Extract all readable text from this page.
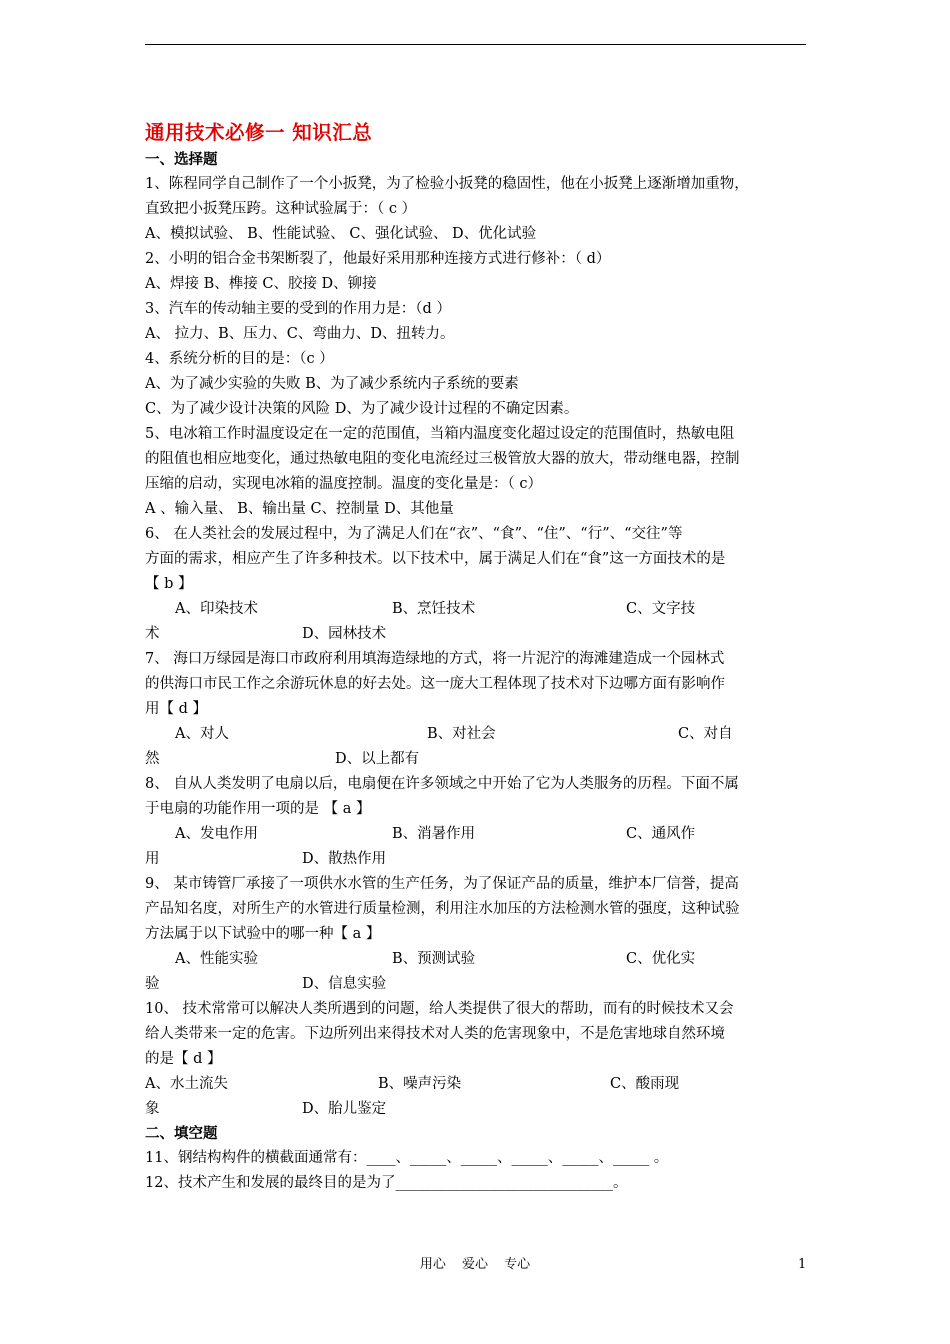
通用技术必修一 知识汇总
一、选择题
1、陈程同学自己制作了一个小扳凳，为了检验小扳凳的稳固性，他在小扳凳上逐渐增加重物，
直致把小扳凳压跨。这种试验属于：（ c ）
A、模拟试验、 B、性能试验、 C、强化试验、 D、优化试验
2、小明的铝合金书架断裂了，他最好采用那种连接方式进行修补：（ d）
A、焊接 B、榫接 C、胶接 D、铆接
3、汽车的传动轴主要的受到的作用力是：（d ）
A、 拉力、B、压力、C、弯曲力、D、扭转力。
4、系统分析的目的是：（c ）
A、为了减少实验的失败 B、为了减少系统内子系统的要素
C、为了减少设计决策的风险 D、为了减少设计过程的不确定因素。
5、电冰箱工作时温度设定在一定的范围值，当箱内温度变化超过设定的范围值时，热敏电阻
的阻值也相应地变化，通过热敏电阻的变化电流经过三极管放大器的放大，带动继电器，控制
压缩的启动，实现电冰箱的温度控制。温度的变化量是：（ c）
A 、输入量、 B、输出量 C、控制量 D、其他量
6、 在人类社会的发展过程中，为了满足人们在“衣”、“食”、“住”、“行”、“交往”等
方面的需求，相应产生了许多种技术。以下技术中，属于满足人们在“食”这一方面技术的是
【 b 】
A、印染技术	B、烹饪技术	C、文字技
术	D、园林技术
7、 海口万绿园是海口市政府利用填海造绿地的方式，将一片泥泞的海滩建造成一个园林式
的供海口市民工作之余游玩休息的好去处。这一庞大工程体现了技术对下边哪方面有影响作
用【 d 】
A、对人	B、对社会	C、对自
然	D、以上都有
8、 自从人类发明了电扇以后，电扇便在许多领域之中开始了它为人类服务的历程。下面不属
于电扇的功能作用一项的是 【 a 】
A、发电作用	B、消暑作用	C、通风作
用	D、散热作用
9、 某市铸管厂承接了一项供水水管的生产任务，为了保证产品的质量，维护本厂信誉，提高
产品知名度，对所生产的水管进行质量检测，利用注水加压的方法检测水管的强度，这种试验
方法属于以下试验中的哪一种【 a 】
A、性能实验	B、预测试验	C、优化实
验	D、信息实验
10、 技术常常可以解决人类所遇到的问题，给人类提供了很大的帮助，而有的时候技术又会
给人类带来一定的危害。下边所列出来得技术对人类的危害现象中，不是危害地球自然环境
的是【 d 】
A、水土流失	B、噪声污染	C、酸雨现
象	D、胎儿鉴定
二、填空题
11、钢结构构件的横截面通常有：____、_____、_____、_____、_____、_____ 。
12、技术产生和发展的最终目的是为了______________________________。
用心 爱心 专心	1
